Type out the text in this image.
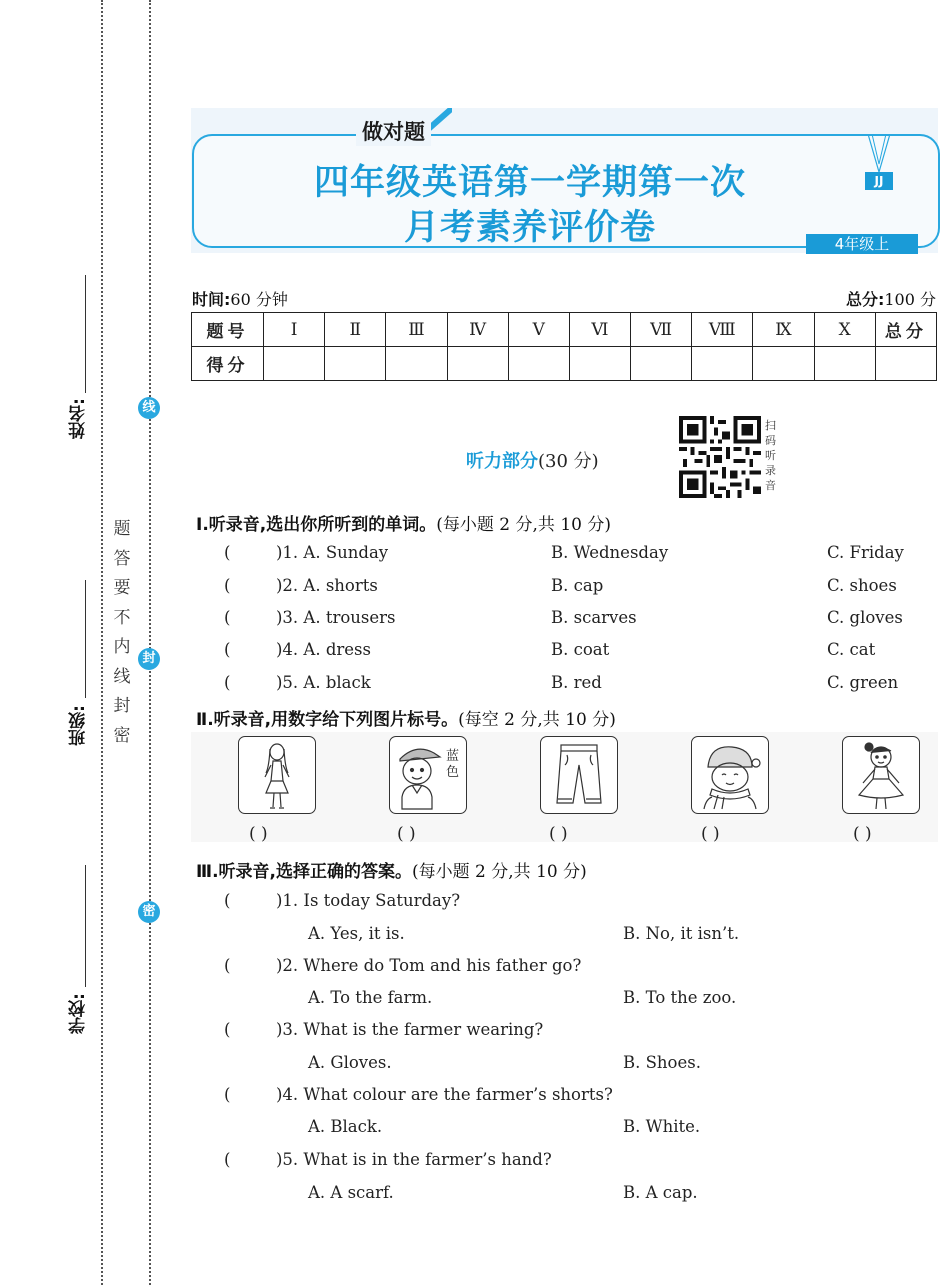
姓名:
班级:
学校:
题
答
要
不
内
线
封
密
线
封
密
做对题
四年级英语第一学期第一次
月考素养评价卷
JJ
4年级上
时间:60 分钟	总分:100 分
题号	Ⅰ	Ⅱ	Ⅲ	Ⅳ	Ⅴ	Ⅵ	Ⅶ	Ⅷ	Ⅸ	Ⅹ	总分
得分											
听力部分(30 分)
扫
码
听
录
音
Ⅰ.听录音,选出你所听到的单词。(每小题 2 分,共 10 分)
(	)1. A. Sunday	B. Wednesday	C. Friday
(	)2. A. shorts	B. cap	C. shoes
(	)3. A. trousers	B. scarves	C. gloves
(	)4. A. dress	B. coat	C. cat
(	)5. A. black	B. red	C. green
Ⅱ.听录音,用数字给下列图片标号。(每空 2 分,共 10 分)
蓝色
( )	( )	( )	( )	( )
Ⅲ.听录音,选择正确的答案。(每小题 2 分,共 10 分)
(	)1. Is today Saturday?
A. Yes, it is.	B. No, it isn’t.
(	)2. Where do Tom and his father go?
A. To the farm.	B. To the zoo.
(	)3. What is the farmer wearing?
A. Gloves.	B. Shoes.
(	)4. What colour are the farmer’s shorts?
A. Black.	B. White.
(	)5. What is in the farmer’s hand?
A. A scarf.	B. A cap.
